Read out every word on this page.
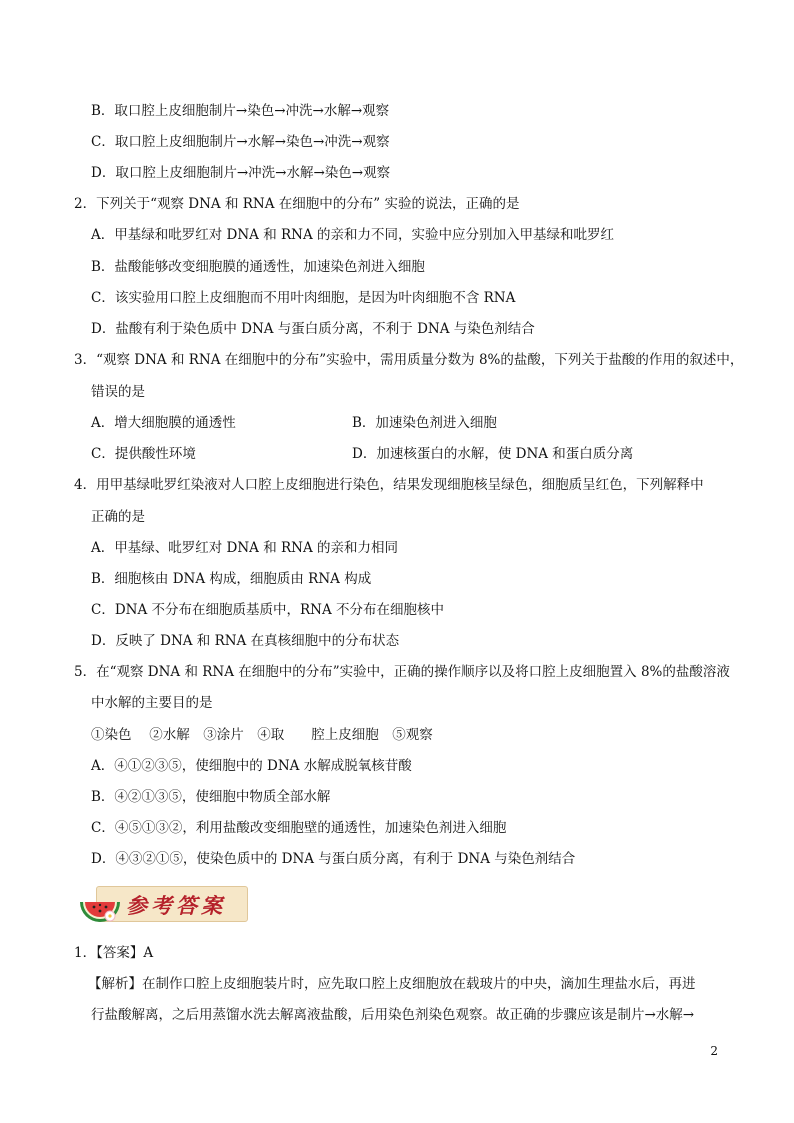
B．取口腔上皮细胞制片→染色→冲洗→水解→观察
C．取口腔上皮细胞制片→水解→染色→冲洗→观察
D．取口腔上皮细胞制片→冲洗→水解→染色→观察
2．下列关于“观察 DNA 和 RNA 在细胞中的分布” 实验的说法，正确的是
A．甲基绿和吡罗红对 DNA 和 RNA 的亲和力不同，实验中应分别加入甲基绿和吡罗红
B．盐酸能够改变细胞膜的通透性，加速染色剂进入细胞
C．该实验用口腔上皮细胞而不用叶肉细胞，是因为叶肉细胞不含 RNA
D．盐酸有利于染色质中 DNA 与蛋白质分离，不利于 DNA 与染色剂结合
3．“观察 DNA 和 RNA 在细胞中的分布”实验中，需用质量分数为 8%的盐酸，下列关于盐酸的作用的叙述中，
错误的是
A．增大细胞膜的通透性	B．加速染色剂进入细胞
C．提供酸性环境	D．加速核蛋白的水解，使 DNA 和蛋白质分离
4．用甲基绿吡罗红染液对人口腔上皮细胞进行染色，结果发现细胞核呈绿色，细胞质呈红色，下列解释中
正确的是
A．甲基绿、吡罗红对 DNA 和 RNA 的亲和力相同
B．细胞核由 DNA 构成，细胞质由 RNA 构成
C．DNA 不分布在细胞质基质中，RNA 不分布在细胞核中
D．反映了 DNA 和 RNA 在真核细胞中的分布状态
5．在“观察 DNA 和 RNA 在细胞中的分布”实验中，正确的操作顺序以及将口腔上皮细胞置入 8%的盐酸溶液
中水解的主要目的是
①染色　 ②水解　③涂片　④取　　腔上皮细胞　⑤观察
A．④①②③⑤，使细胞中的 DNA 水解成脱氧核苷酸
B．④②①③⑤，使细胞中物质全部水解
C．④⑤①③②，利用盐酸改变细胞壁的通透性，加速染色剂进入细胞
D．④③②①⑤，使染色质中的 DNA 与蛋白质分离，有利于 DNA 与染色剂结合
参考答案
1．【答案】A
【解析】在制作口腔上皮细胞装片时，应先取口腔上皮细胞放在载玻片的中央，滴加生理盐水后，再进
行盐酸解离，之后用蒸馏水洗去解离液盐酸，后用染色剂染色观察。故正确的步骤应该是制片→水解→
2
